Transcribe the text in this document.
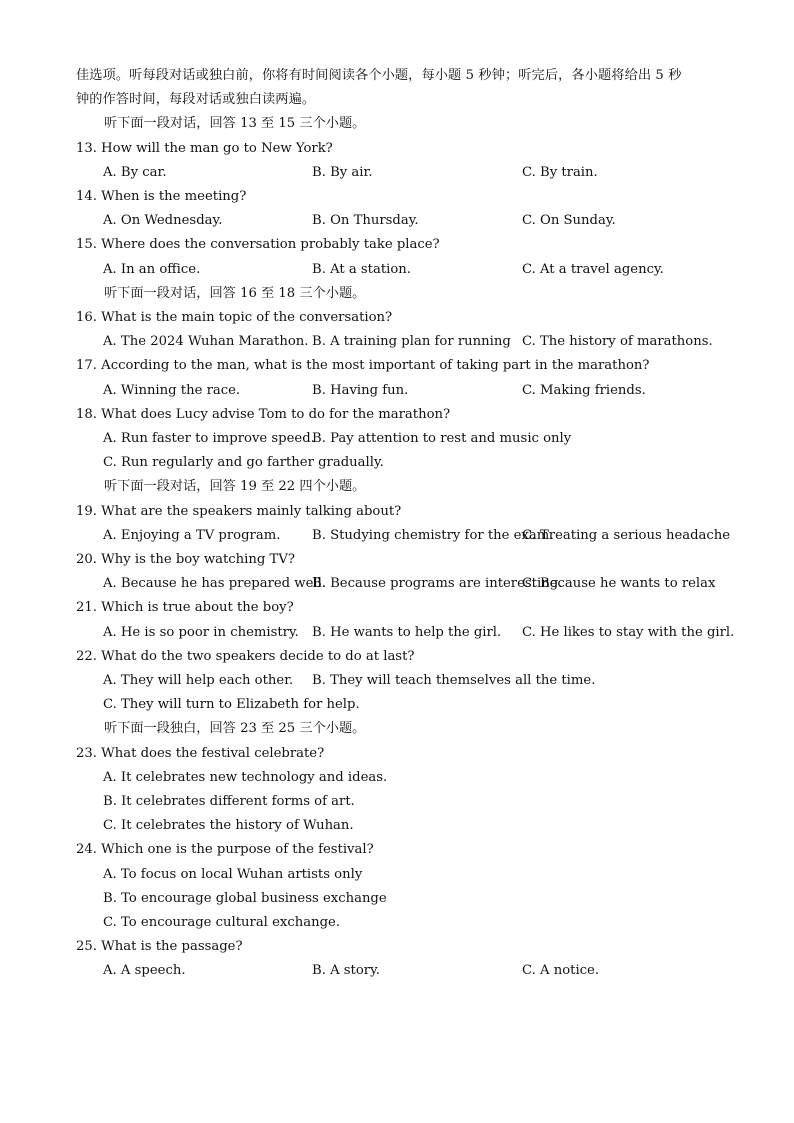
佳选项。听每段对话或独白前，你将有时间阅读各个小题，每小题 5 秒钟；听完后，各小题将给出 5 秒
钟的作答时间，每段对话或独白读两遍。
听下面一段对话，回答 13 至 15 三个小题。
13. How will the man go to New York?
A. By car.	B. By air.	C. By train.
14. When is the meeting?
A. On Wednesday.	B. On Thursday.	C. On Sunday.
15. Where does the conversation probably take place?
A. In an office.	B. At a station.	C. At a travel agency.
听下面一段对话，回答 16 至 18 三个小题。
16. What is the main topic of the conversation?
A. The 2024 Wuhan Marathon. B. A training plan for running C. The history of marathons.
17. According to the man, what is the most important of taking part in the marathon?
A. Winning the race.	B. Having fun.	C. Making friends.
18. What does Lucy advise Tom to do for the marathon?
A. Run faster to improve speed.
B. Pay attention to rest and music only
C. Run regularly and go farther gradually.
听下面一段对话，回答 19 至 22 四个小题。
19. What are the speakers mainly talking about?
A. Enjoying a TV program. B. Studying chemistry for the exam.
C. Treating a serious headache
20. Why is the boy watching TV?
A. Because he has prepared well.
B. Because programs are interesting.
C. Because he wants to relax
21. Which is true about the boy?
A. He is so poor in chemistry. B. He wants to help the girl. C. He likes to stay with the girl.
22. What do the two speakers decide to do at last?
A. They will help each other. B. They will teach themselves all the time.
C. They will turn to Elizabeth for help.
听下面一段独白，回答 23 至 25 三个小题。
23. What does the festival celebrate?
A. It celebrates new technology and ideas.
B. It celebrates different forms of art.
C. It celebrates the history of Wuhan.
24. Which one is the purpose of the festival?
A. To focus on local Wuhan artists only
B. To encourage global business exchange
C. To encourage cultural exchange.
25. What is the passage?
A. A speech.	B. A story.	C. A notice.
